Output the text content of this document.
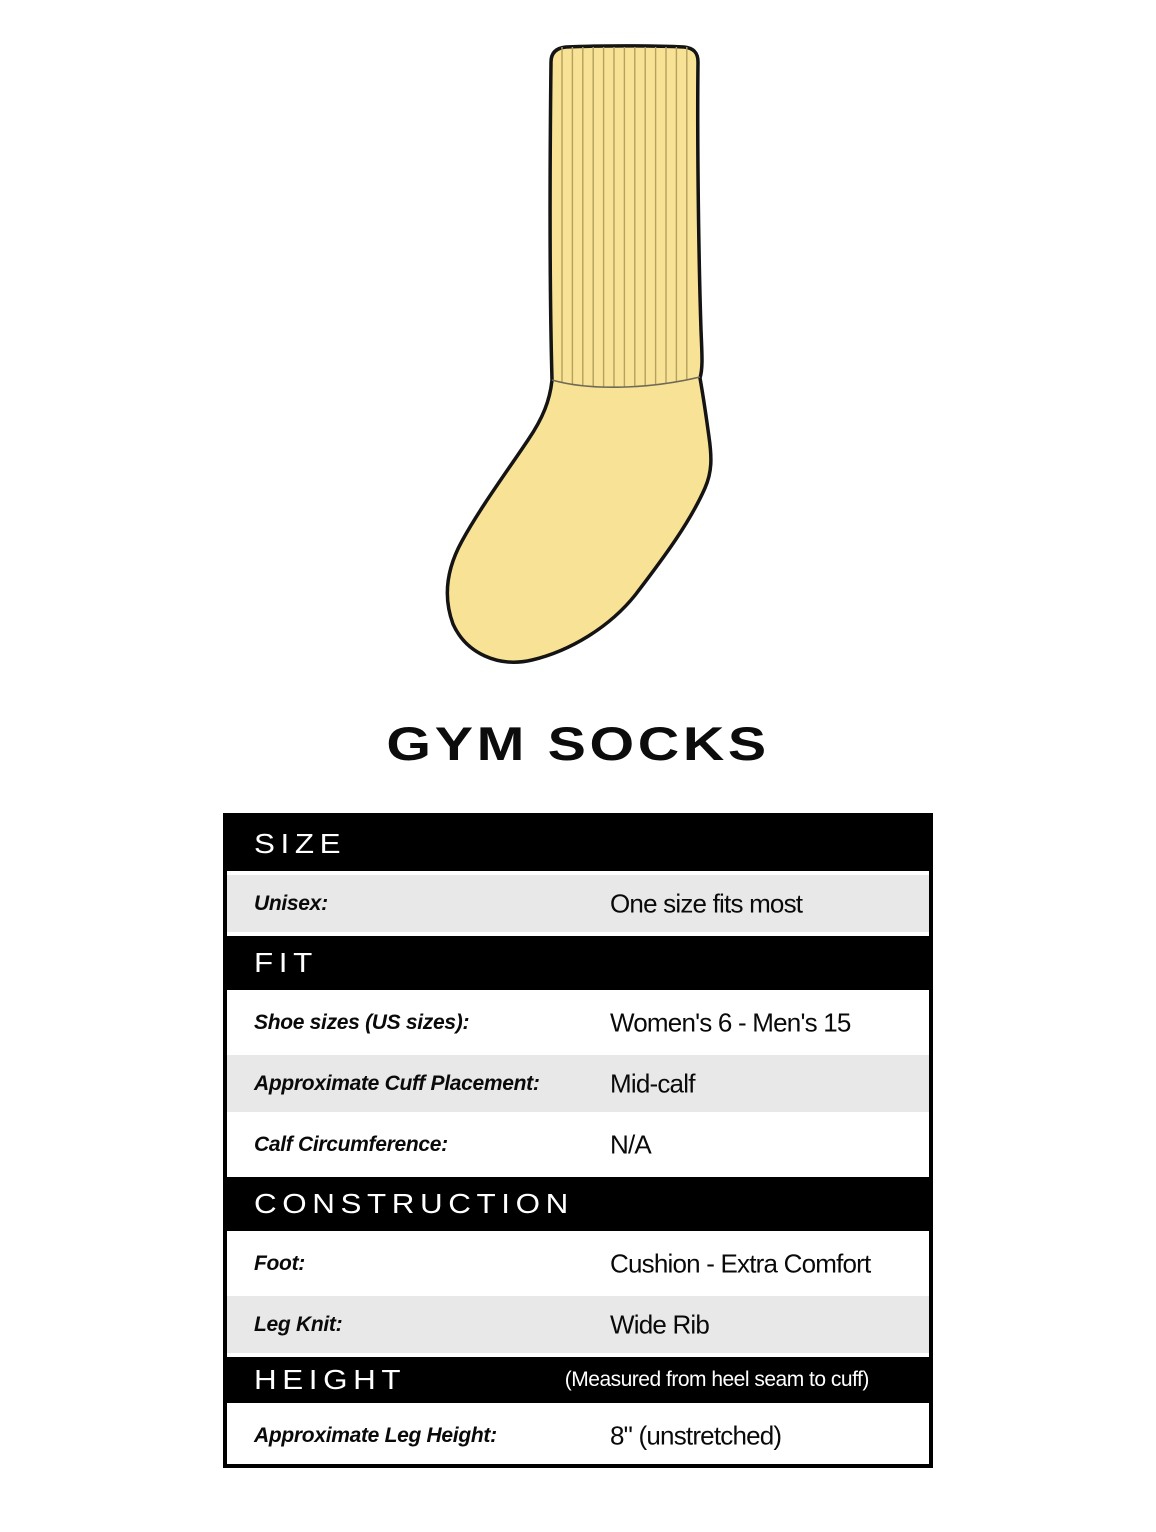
GYM SOCKS
SIZE
Unisex:	One size fits most
FIT
Shoe sizes (US sizes):	Women's 6 - Men's 15
Approximate Cuff Placement:	Mid-calf
Calf Circumference:	N/A
CONSTRUCTION
Foot:	Cushion - Extra Comfort
Leg Knit:	Wide Rib
HEIGHT	(Measured from heel seam to cuff)
Approximate Leg Height:	8" (unstretched)
